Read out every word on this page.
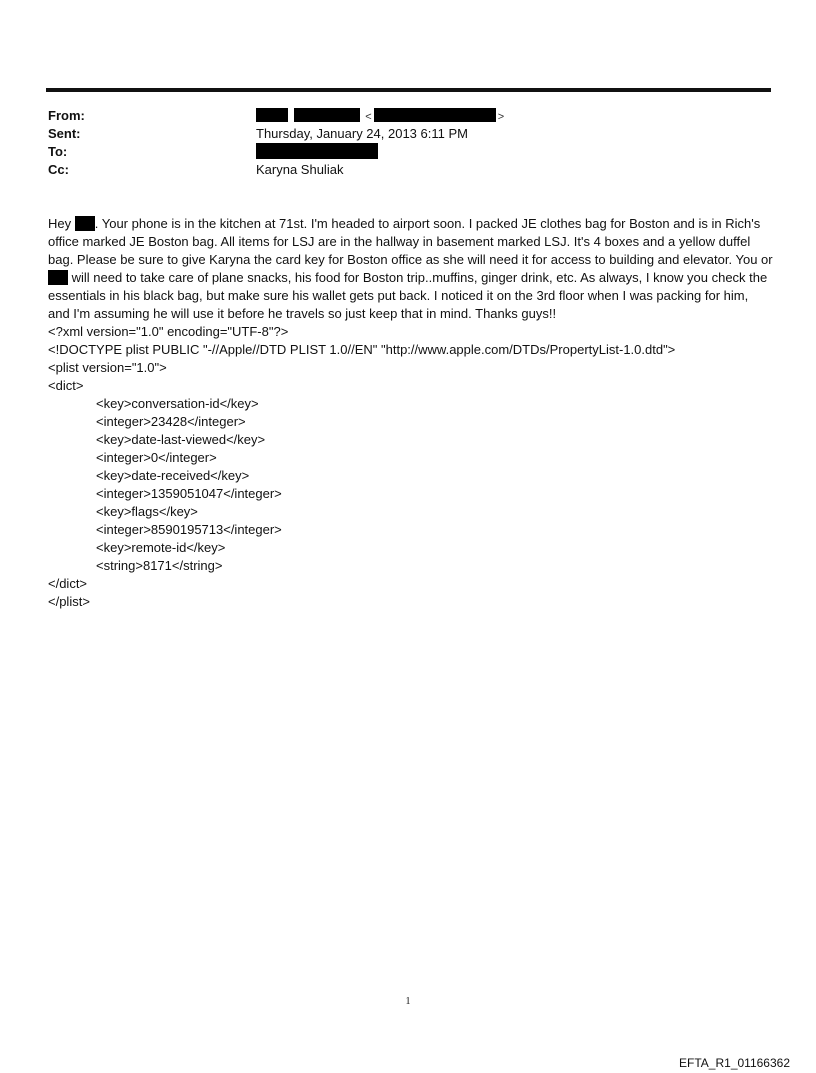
From:	<	>
Sent:	Thursday, January 24, 2013 6:11 PM
To:
Cc:	Karyna Shuliak

Hey . Your phone is in the kitchen at 71st. I'm headed to airport soon. I packed JE clothes bag for Boston and is in Rich's office marked JE Boston bag. All items for LSJ are in the hallway in basement marked LSJ. It's 4 boxes and a yellow duffel bag. Please be sure to give Karyna the card key for Boston office as she will need it for access to building and elevator. You or  will need to take care of plane snacks, his food for Boston trip..muffins, ginger drink, etc. As always, I know you check the essentials in his black bag, but make sure his wallet gets put back. I noticed it on the 3rd floor when I was packing for him, and I'm assuming he will use it before he travels so just keep that in mind. Thanks guys!!

<?xml version="1.0" encoding="UTF-8"?>
<!DOCTYPE plist PUBLIC "-//Apple//DTD PLIST 1.0//EN" "http://www.apple.com/DTDs/PropertyList-1.0.dtd">
<plist version="1.0">
<dict>
<key>conversation-id</key>
<integer>23428</integer>
<key>date-last-viewed</key>
<integer>0</integer>
<key>date-received</key>
<integer>1359051047</integer>
<key>flags</key>
<integer>8590195713</integer>
<key>remote-id</key>
<string>8171</string>
</dict>
</plist>
1
EFTA_R1_01166362
